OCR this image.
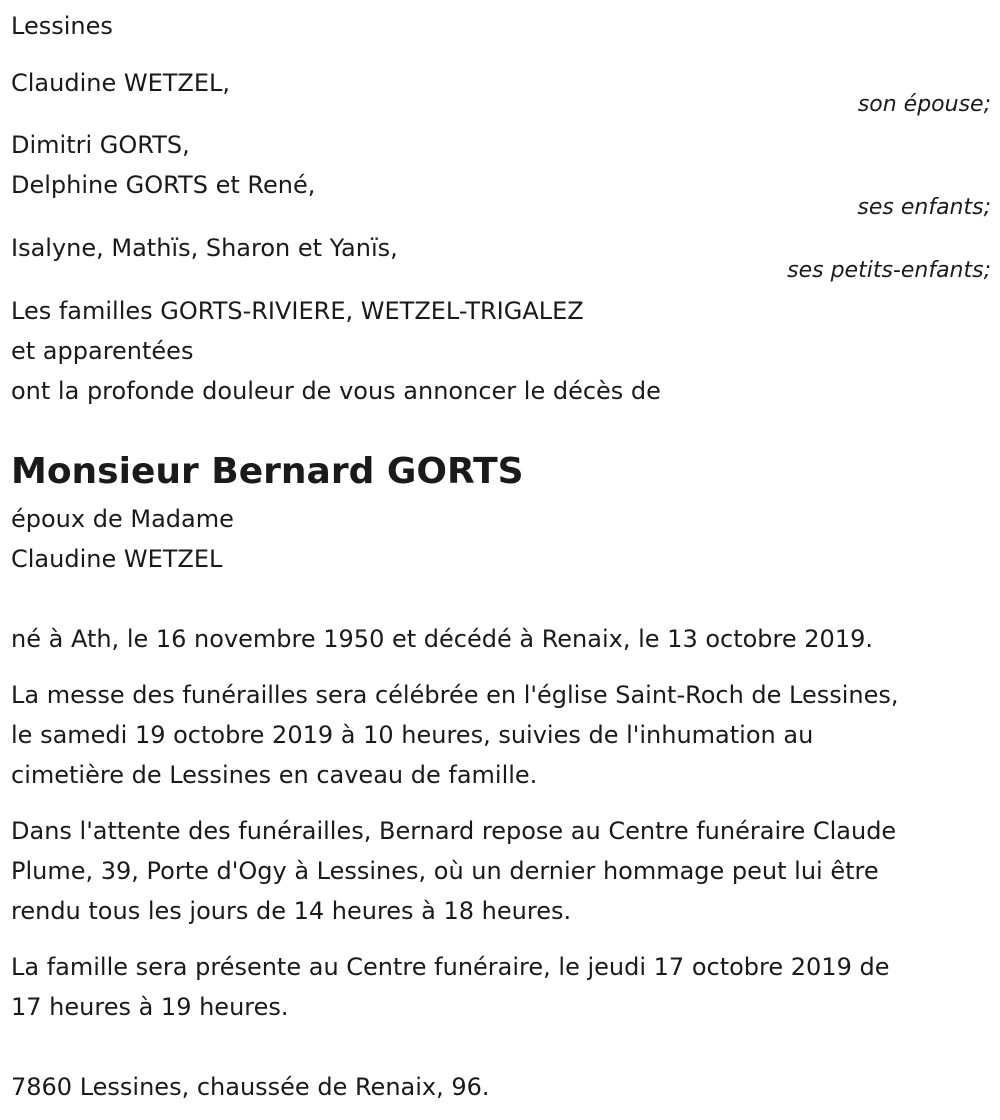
Lessines
Claudine WETZEL,
son épouse;
Dimitri GORTS,
Delphine GORTS et René,
ses enfants;
Isalyne, Mathïs, Sharon et Yanïs,
ses petits-enfants;
Les familles GORTS-RIVIERE, WETZEL-TRIGALEZ
et apparentées
ont la profonde douleur de vous annoncer le décès de
Monsieur Bernard GORTS
époux de Madame
Claudine WETZEL
né à Ath, le 16 novembre 1950 et décédé à Renaix, le 13 octobre 2019.
La messe des funérailles sera célébrée en l'église Saint-Roch de Lessines,
le samedi 19 octobre 2019 à 10 heures, suivies de l'inhumation au
cimetière de Lessines en caveau de famille.
Dans l'attente des funérailles, Bernard repose au Centre funéraire Claude
Plume, 39, Porte d'Ogy à Lessines, où un dernier hommage peut lui être
rendu tous les jours de 14 heures à 18 heures.
La famille sera présente au Centre funéraire, le jeudi 17 octobre 2019 de
17 heures à 19 heures.
7860 Lessines, chaussée de Renaix, 96.
